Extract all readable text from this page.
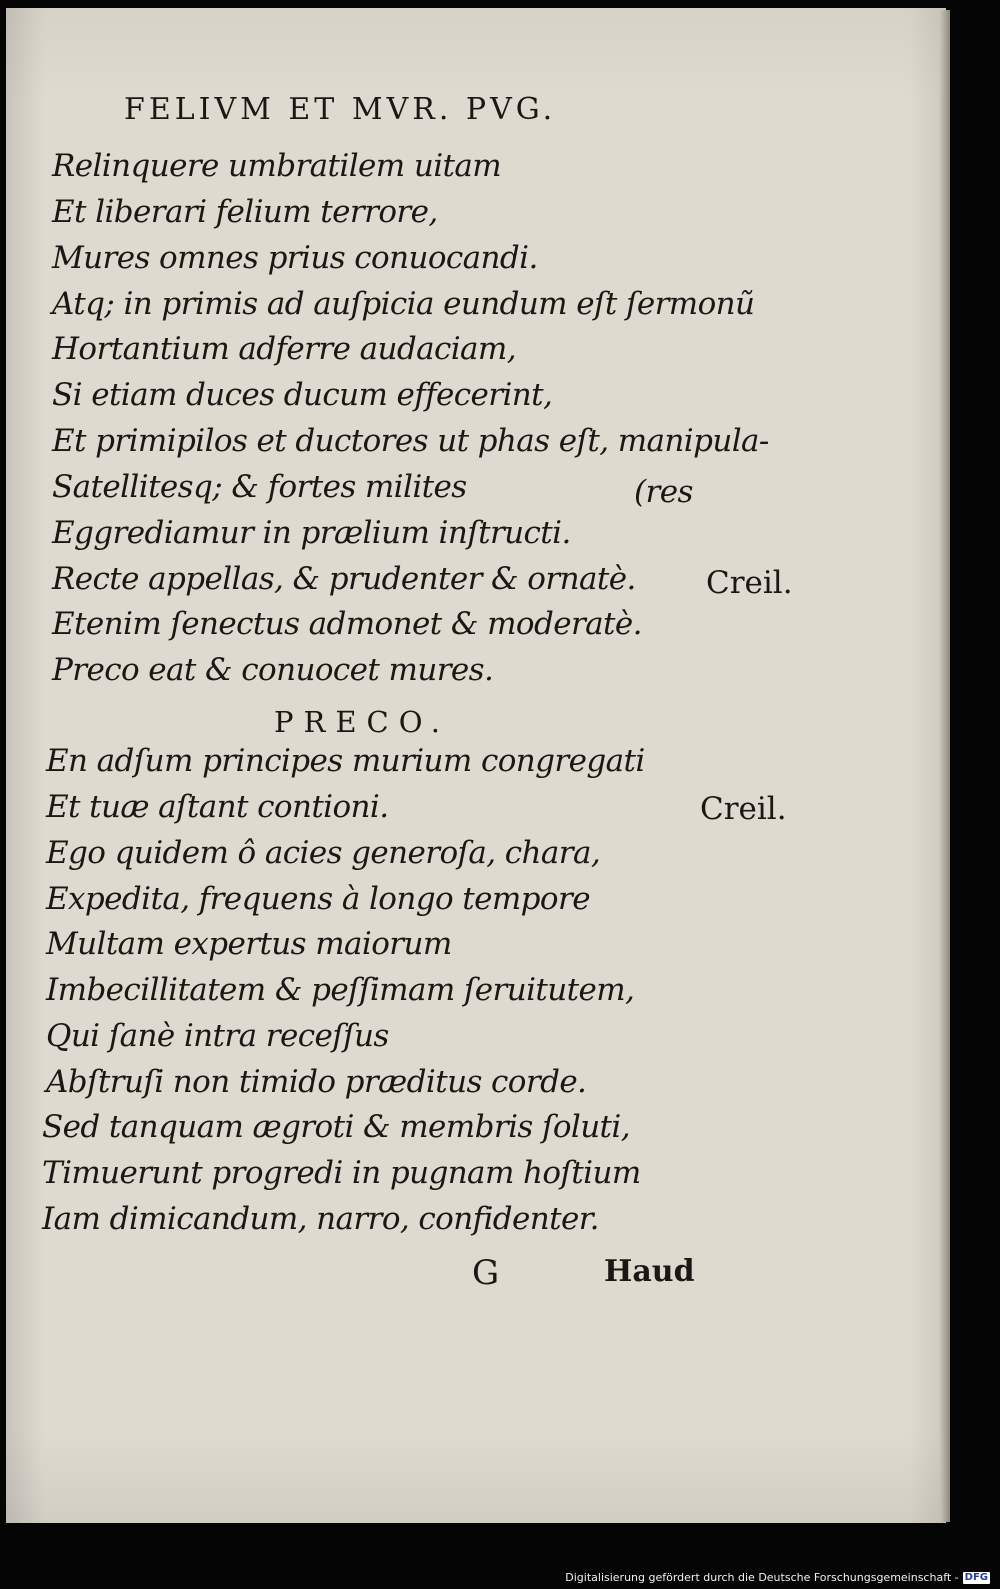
FELIVM ET MVR. PVG.
Relinquere umbratilem uitam
Et liberari felium terrore,
Mures omnes prius conuocandi.
Atq; in primis ad auſpicia eundum eſt ſermonũ
Hortantium adferre audaciam,
Si etiam duces ducum effecerint,
Et primipilos et ductores ut phas eſt, manipula-
Satellitesq; & fortes milites	(res
Eggrediamur in prælium inſtructi.
Recte appellas, & prudenter & ornatè. Creil.
Etenim ſenectus admonet & moderatè.
Preco eat & conuocet mures.
PRECO.
En adſum principes murium congregati
Et tuæ aſtant contioni.	Creil.
Ego quidem ô acies generoſa, chara,
Expedita, frequens à longo tempore
Multam expertus maiorum
Imbecillitatem & peſſimam ſeruitutem,
Qui ſanè intra receſſus
Abſtruſi non timido præditus corde.
Sed tanquam ægroti & membris ſoluti,
Timuerunt progredi in pugnam hoſtium
Iam dimicandum, narro, confidenter.
G	Haud
Digitalisierung gefördert durch die Deutsche Forschungsgemeinschaft - DFG
